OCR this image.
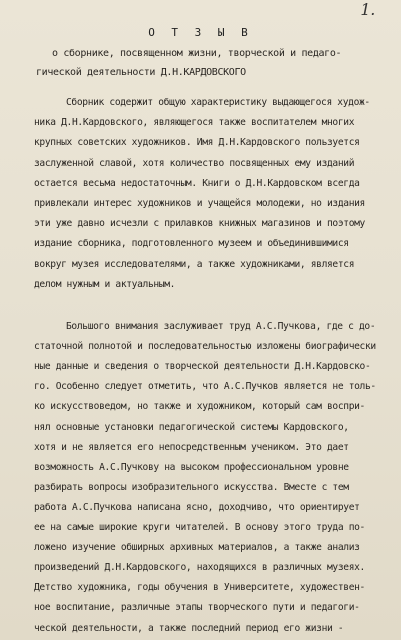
1.
О Т З Ы В
о сборнике, посвященном жизни, творческой и педаго-
гической деятельности Д.Н.КАРДОВСКОГО
Сборник содержит общую характеристику выдающегося худож-
ника Д.Н.Кардовского, являющегося также воспитателем многих
крупных советских художников. Имя Д.Н.Кардовского пользуется
заслуженной славой, хотя количество посвященных ему изданий
остается весьма недостаточным. Книги о Д.Н.Кардовском всегда
привлекали интерес художников и учащейся молодежи, но издания
эти уже давно исчезли с прилавков книжных магазинов и поэтому
издание сборника, подготовленного музеем и объединившимися
вокруг музея исследователями, а также художниками, является
делом нужным и актуальным.
Большого внимания заслуживает труд А.С.Пучкова, где с до-
статочной полнотой и последовательностью изложены биографически
ные данные и сведения о творческой деятельности Д.Н.Кардовско-
го. Особенно следует отметить, что А.С.Пучков является не толь-
ко искусствоведом, но также и художником, который сам воспри-
нял основные установки педагогической системы Кардовского,
хотя и не является его непосредственным учеником. Это дает
возможность А.С.Пучкову на высоком профессиональном уровне
разбирать вопросы изобразительного искусства. Вместе с тем
работа А.С.Пучкова написана ясно, доходчиво, что ориентирует
ее на самые широкие круги читателей. В основу этого труда по-
ложено изучение обширных архивных материалов, а также анализ
произведений Д.Н.Кардовского, находящихся в различных музеях.
Детство художника, годы обучения в Университете, художествен-
ное воспитание, различные этапы творческого пути и педагоги-
ческой деятельности, а также последний период его жизни -
